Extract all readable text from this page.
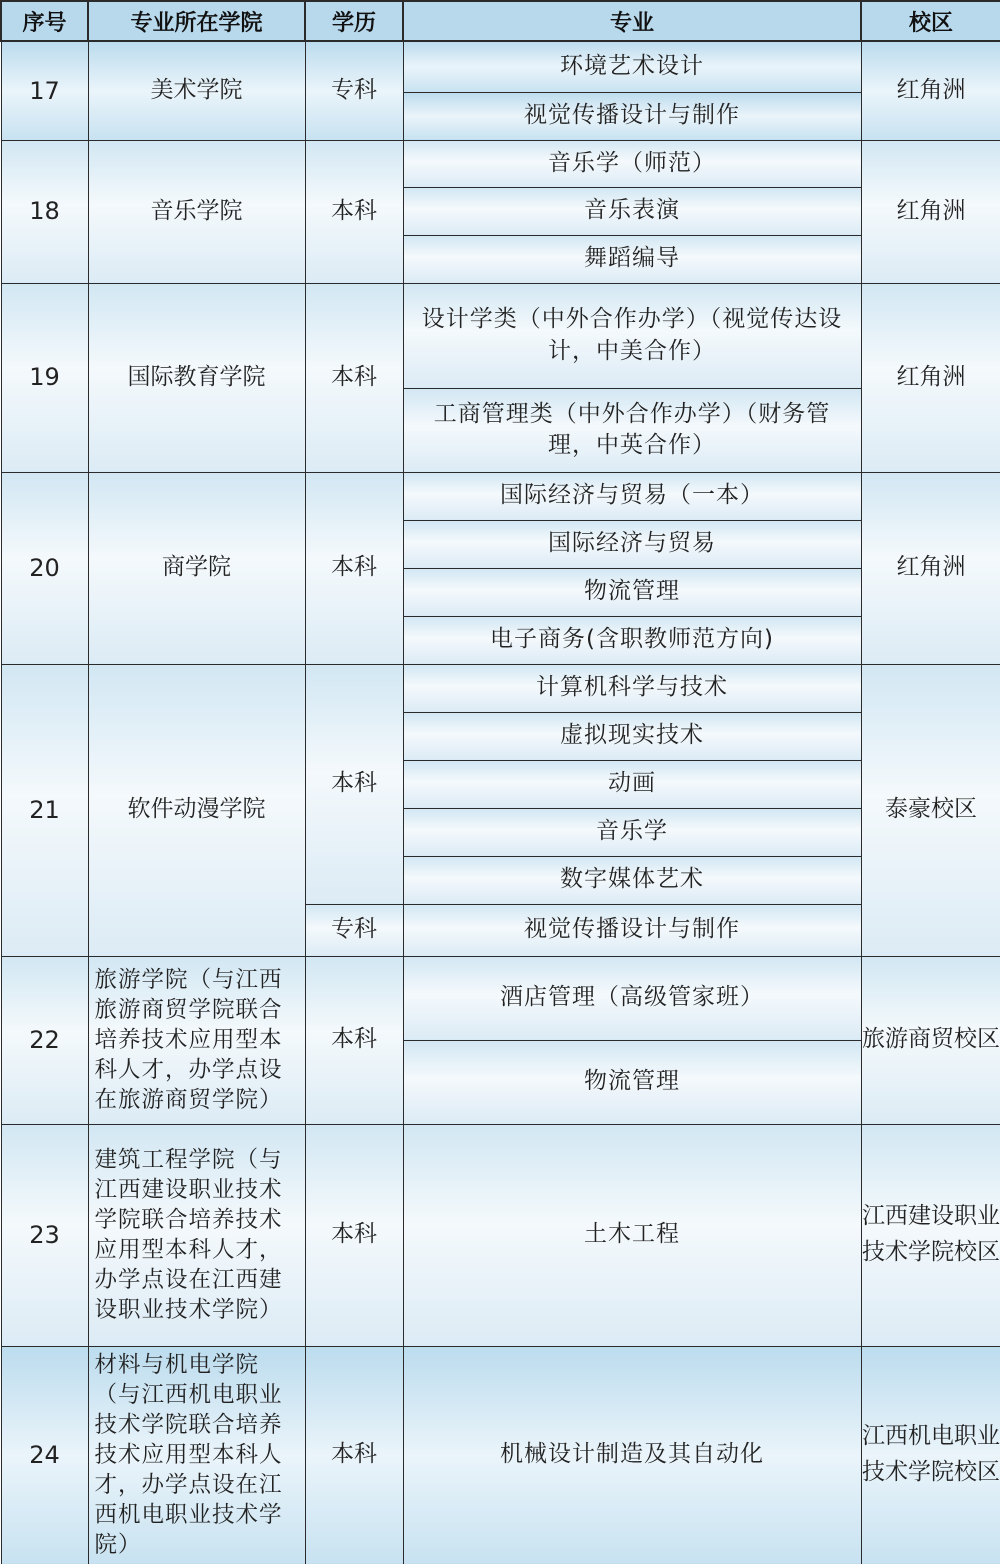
序号	专业所在学院	学历	专业	校区
17	美术学院	专科	环境艺术设计	红角洲
			视觉传播设计与制作	
18	音乐学院	本科	音乐学（师范）	红角洲
			音乐表演	
			舞蹈编导	
19	国际教育学院	本科	设计学类（中外合作办学）（视觉传达设计，中美合作）	红角洲
			工商管理类（中外合作办学）（财务管理，中英合作）	
20	商学院	本科	国际经济与贸易（一本）	红角洲
			国际经济与贸易	
			物流管理	
			电子商务(含职教师范方向)	
21	软件动漫学院	本科	计算机科学与技术	泰豪校区
			虚拟现实技术	
			动画	
			音乐学	
			数字媒体艺术	
		专科	视觉传播设计与制作	
22	旅游学院（与江西旅游商贸学院联合培养技术应用型本科人才，办学点设在旅游商贸学院）	本科	酒店管理（高级管家班）	旅游商贸校区
			物流管理	
23	建筑工程学院（与江西建设职业技术学院联合培养技术应用型本科人才，办学点设在江西建设职业技术学院）	本科	土木工程	江西建设职业技术学院校区
24	材料与机电学院（与江西机电职业技术学院联合培养技术应用型本科人才，办学点设在江西机电职业技术学院）	本科	机械设计制造及其自动化	江西机电职业技术学院校区
